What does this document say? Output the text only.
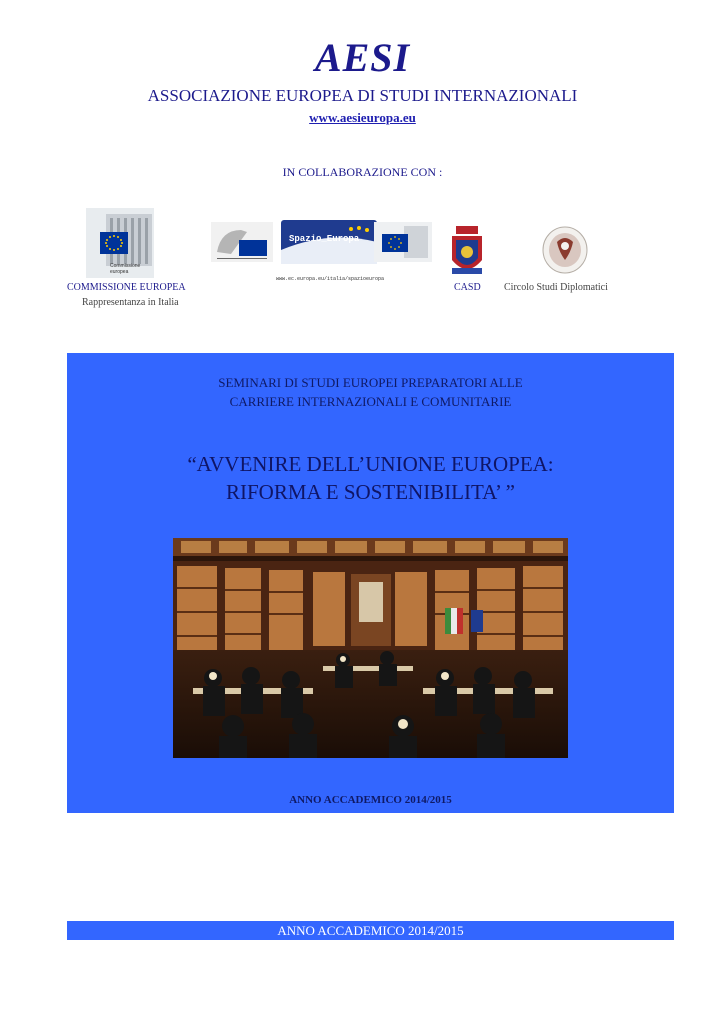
AESI
ASSOCIAZIONE EUROPEA DI STUDI INTERNAZIONALI
www.aesieuropa.eu
IN COLLABORAZIONE CON :
Commissione europea
Spazio_Europa
www.ec.europa.eu/italia/spazioeuropa
COMMISSIONE EUROPEA
Rappresentanza in Italia
CASD	Circolo Studi Diplomatici
SEMINARI DI STUDI EUROPEI PREPARATORI ALLE
CARRIERE INTERNAZIONALI E COMUNITARIE
“AVVENIRE DELL’UNIONE EUROPEA:
RIFORMA E SOSTENIBILITA’ ”
ANNO ACCADEMICO 2014/2015
ANNO ACCADEMICO 2014/2015
